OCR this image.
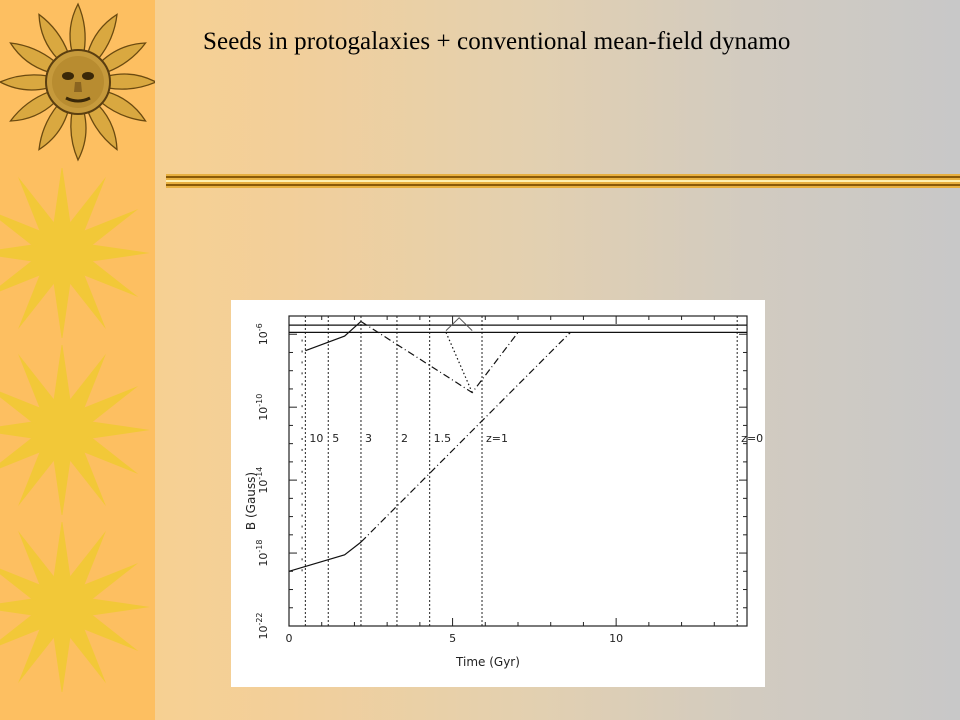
Seeds in protogalaxies + conventional mean-field dynamo
0	5	10
$10^{-22}$
$10^{-18}$
$10^{-14}$
$10^{-10}$
$10^{-6}$
Time (Gyr)
B (Gauss)
10 5 3	2 1.5	z=1	z=0
